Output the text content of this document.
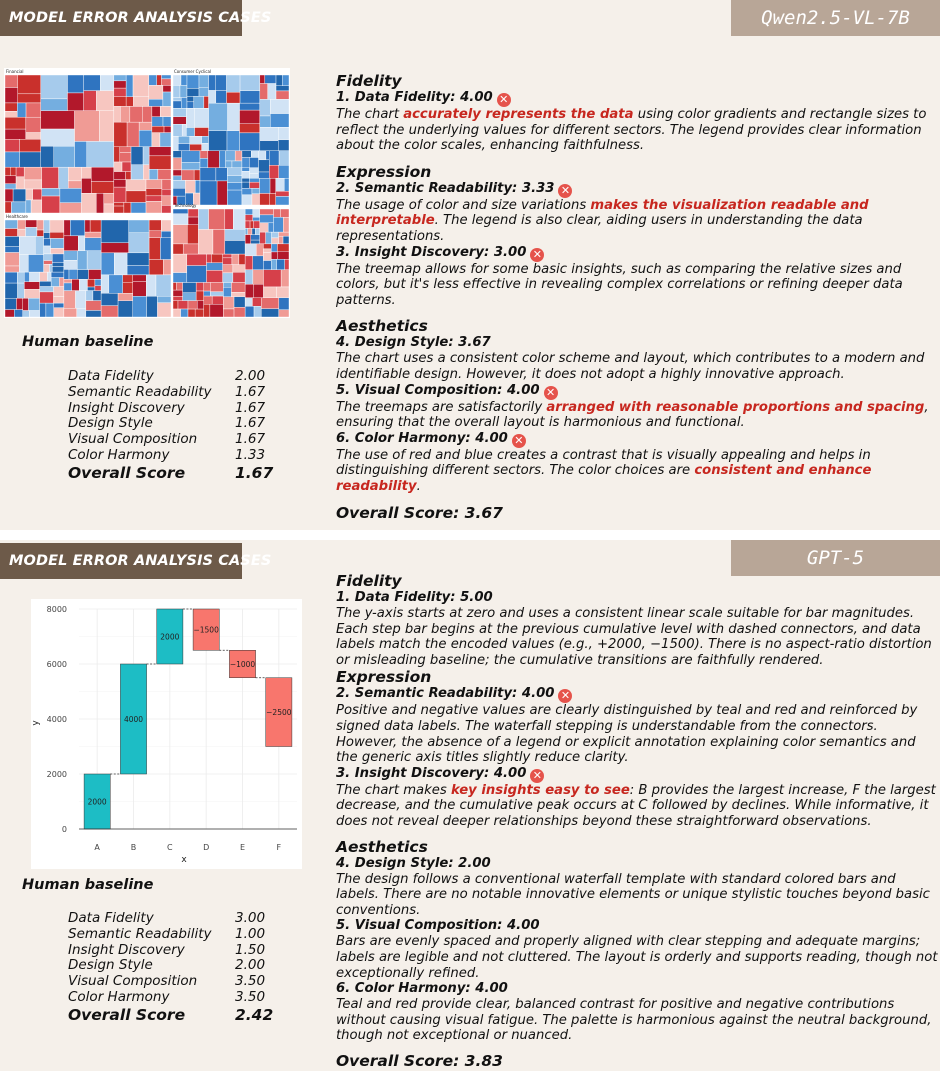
MODEL ERROR ANALYSIS CASES	Qwen2.5-VL-7B
Financial	Consumer Cyclical
Healthcare
Technology
Human baseline
Data Fidelity	2.00
Semantic Readability 1.67
Insight Discovery	1.67
Design Style	1.67
Visual Composition	1.67
Color Harmony	1.33
Overall Score	1.67
Fidelity
1. Data Fidelity: 4.00 ✕

The chart accurately represents the data using color gradients and rectangle sizes to reflect the underlying values for different sectors. The legend provides clear information about the color scales, enhancing faithfulness.

Expression
2. Semantic Readability: 3.33 ✕

The usage of color and size variations makes the visualization readable and interpretable. The legend is also clear, aiding users in understanding the data representations.

3. Insight Discovery: 3.00 ✕

The treemap allows for some basic insights, such as comparing the relative sizes and colors, but it's less effective in revealing complex correlations or refining deeper data patterns.

Aesthetics
4. Design Style: 3.67

The chart uses a consistent color scheme and layout, which contributes to a modern and identifiable design. However, it does not adopt a highly innovative approach.

5. Visual Composition: 4.00 ✕

The treemaps are satisfactorily arranged with reasonable proportions and spacing, ensuring that the overall layout is harmonious and functional.

6. Color Harmony: 4.00 ✕

The use of red and blue creates a contrast that is visually appealing and helps in distinguishing different sectors. The color choices are consistent and enhance readability.

Overall Score: 3.67
MODEL ERROR ANALYSIS CASES	GPT-5
2000
4000
2000
−1500
−1000
−2500
0
2000
4000
6000
8000
A	B	C	D	E	F
x
y
Human baseline
Data Fidelity	3.00
Semantic Readability 1.00
Insight Discovery	1.50
Design Style	2.00
Visual Composition	3.50
Color Harmony	3.50
Overall Score	2.42
Fidelity
1. Data Fidelity: 5.00

The y-axis starts at zero and uses a consistent linear scale suitable for bar magnitudes. Each step bar begins at the previous cumulative level with dashed connectors, and data labels match the encoded values (e.g., +2000, −1500). There is no aspect-ratio distortion or misleading baseline; the cumulative transitions are faithfully rendered.

Expression
2. Semantic Readability: 4.00 ✕

Positive and negative values are clearly distinguished by teal and red and reinforced by signed data labels. The waterfall stepping is understandable from the connectors. However, the absence of a legend or explicit annotation explaining color semantics and the generic axis titles slightly reduce clarity.

3. Insight Discovery: 4.00 ✕

The chart makes key insights easy to see: B provides the largest increase, F the largest decrease, and the cumulative peak occurs at C followed by declines. While informative, it does not reveal deeper relationships beyond these straightforward observations.

Aesthetics
4. Design Style: 2.00

The design follows a conventional waterfall template with standard colored bars and labels. There are no notable innovative elements or unique stylistic touches beyond basic conventions.

5. Visual Composition: 4.00

Bars are evenly spaced and properly aligned with clear stepping and adequate margins; labels are legible and not cluttered. The layout is orderly and supports reading, though not exceptionally refined.

6. Color Harmony: 4.00

Teal and red provide clear, balanced contrast for positive and negative contributions without causing visual fatigue. The palette is harmonious against the neutral background, though not exceptional or nuanced.

Overall Score: 3.83
